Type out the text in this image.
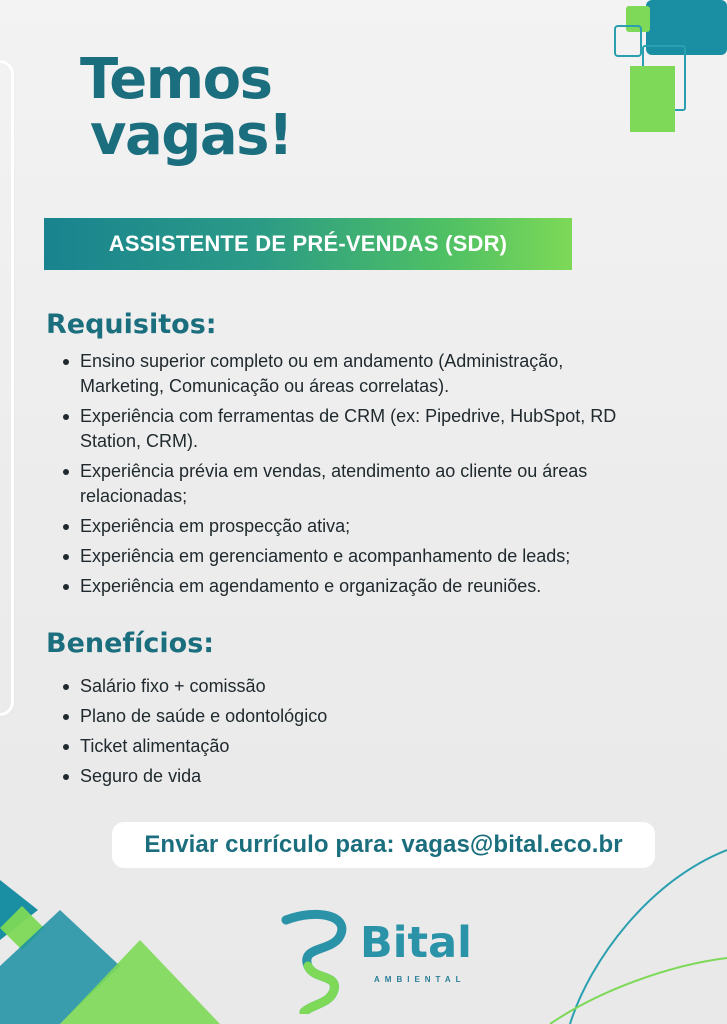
Temos
vagas!
ASSISTENTE DE PRÉ-VENDAS (SDR)
Requisitos:
Ensino superior completo ou em andamento (Administração, Marketing, Comunicação ou áreas correlatas).
Experiência com ferramentas de CRM (ex: Pipedrive, HubSpot, RD Station, CRM).
Experiência prévia em vendas, atendimento ao cliente ou áreas relacionadas;
Experiência em prospecção ativa;
Experiência em gerenciamento e acompanhamento de leads;
Experiência em agendamento e organização de reuniões.
Benefícios:
Salário fixo + comissão
Plano de saúde e odontológico
Ticket alimentação
Seguro de vida
Enviar currículo para: vagas@bital.eco.br
Bital
AMBIENTAL
